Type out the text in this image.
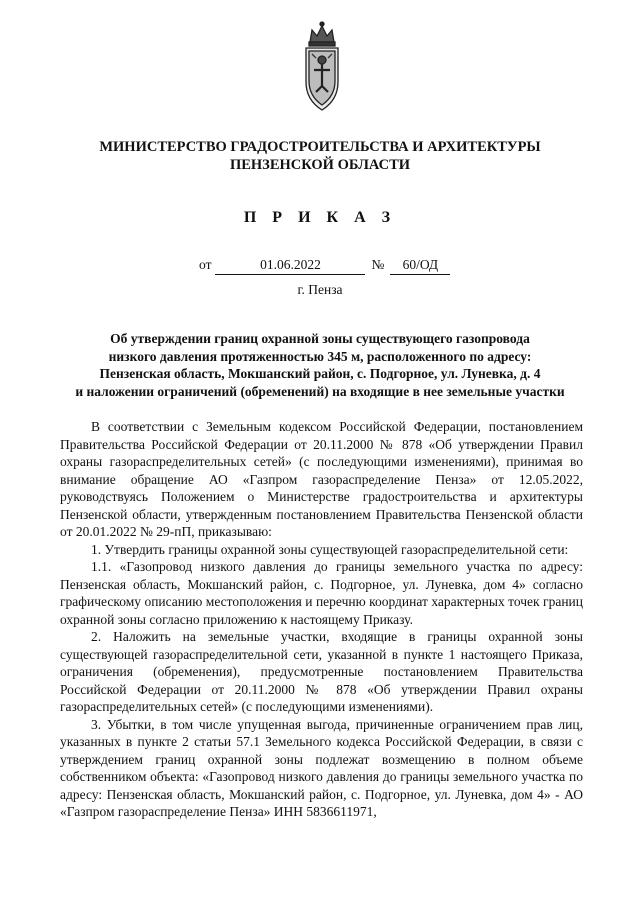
МИНИСТЕРСТВО ГРАДОСТРОИТЕЛЬСТВА И АРХИТЕКТУРЫ
ПЕНЗЕНСКОЙ ОБЛАСТИ
П Р И К А З
от	01.06.2022	№ 60/ОД
г. Пенза
Об утверждении границ охранной зоны существующего газопровода
низкого давления протяженностью 345 м, расположенного по адресу:
Пензенская область, Мокшанский район, с. Подгорное, ул. Луневка, д. 4
и наложении ограничений (обременений) на входящие в нее земельные участки

В соответствии с Земельным кодексом Российской Федерации, постановлением Правительства Российской Федерации от 20.11.2000 № 878 «Об утверждении Правил охраны газораспределительных сетей» (с последующими изменениями), принимая во внимание обращение АО «Газпром газораспределение Пенза» от 12.05.2022, руководствуясь Положением о Министерстве градостроительства и архитектуры Пензенской области, утвержденным постановлением Правительства Пензенской области от 20.01.2022 № 29-пП, приказываю:

1. Утвердить границы охранной зоны существующей газораспределительной сети:

1.1. «Газопровод низкого давления до границы земельного участка по адресу: Пензенская область, Мокшанский район, с. Подгорное, ул. Луневка, дом 4» согласно графическому описанию местоположения и перечню координат характерных точек границ охранной зоны согласно приложению к настоящему Приказу.

2. Наложить на земельные участки, входящие в границы охранной зоны существующей газораспределительной сети, указанной в пункте 1 настоящего Приказа, ограничения (обременения), предусмотренные постановлением Правительства Российской Федерации от 20.11.2000 № 878 «Об утверждении Правил охраны газораспределительных сетей» (с последующими изменениями).

3. Убытки, в том числе упущенная выгода, причиненные ограничением прав лиц, указанных в пункте 2 статьи 57.1 Земельного кодекса Российской Федерации, в связи с утверждением границ охранной зоны подлежат возмещению в полном объеме собственником объекта: «Газопровод низкого давления до границы земельного участка по адресу: Пензенская область, Мокшанский район, с. Подгорное, ул. Луневка, дом 4» - АО «Газпром газораспределение Пенза» ИНН 5836611971,
